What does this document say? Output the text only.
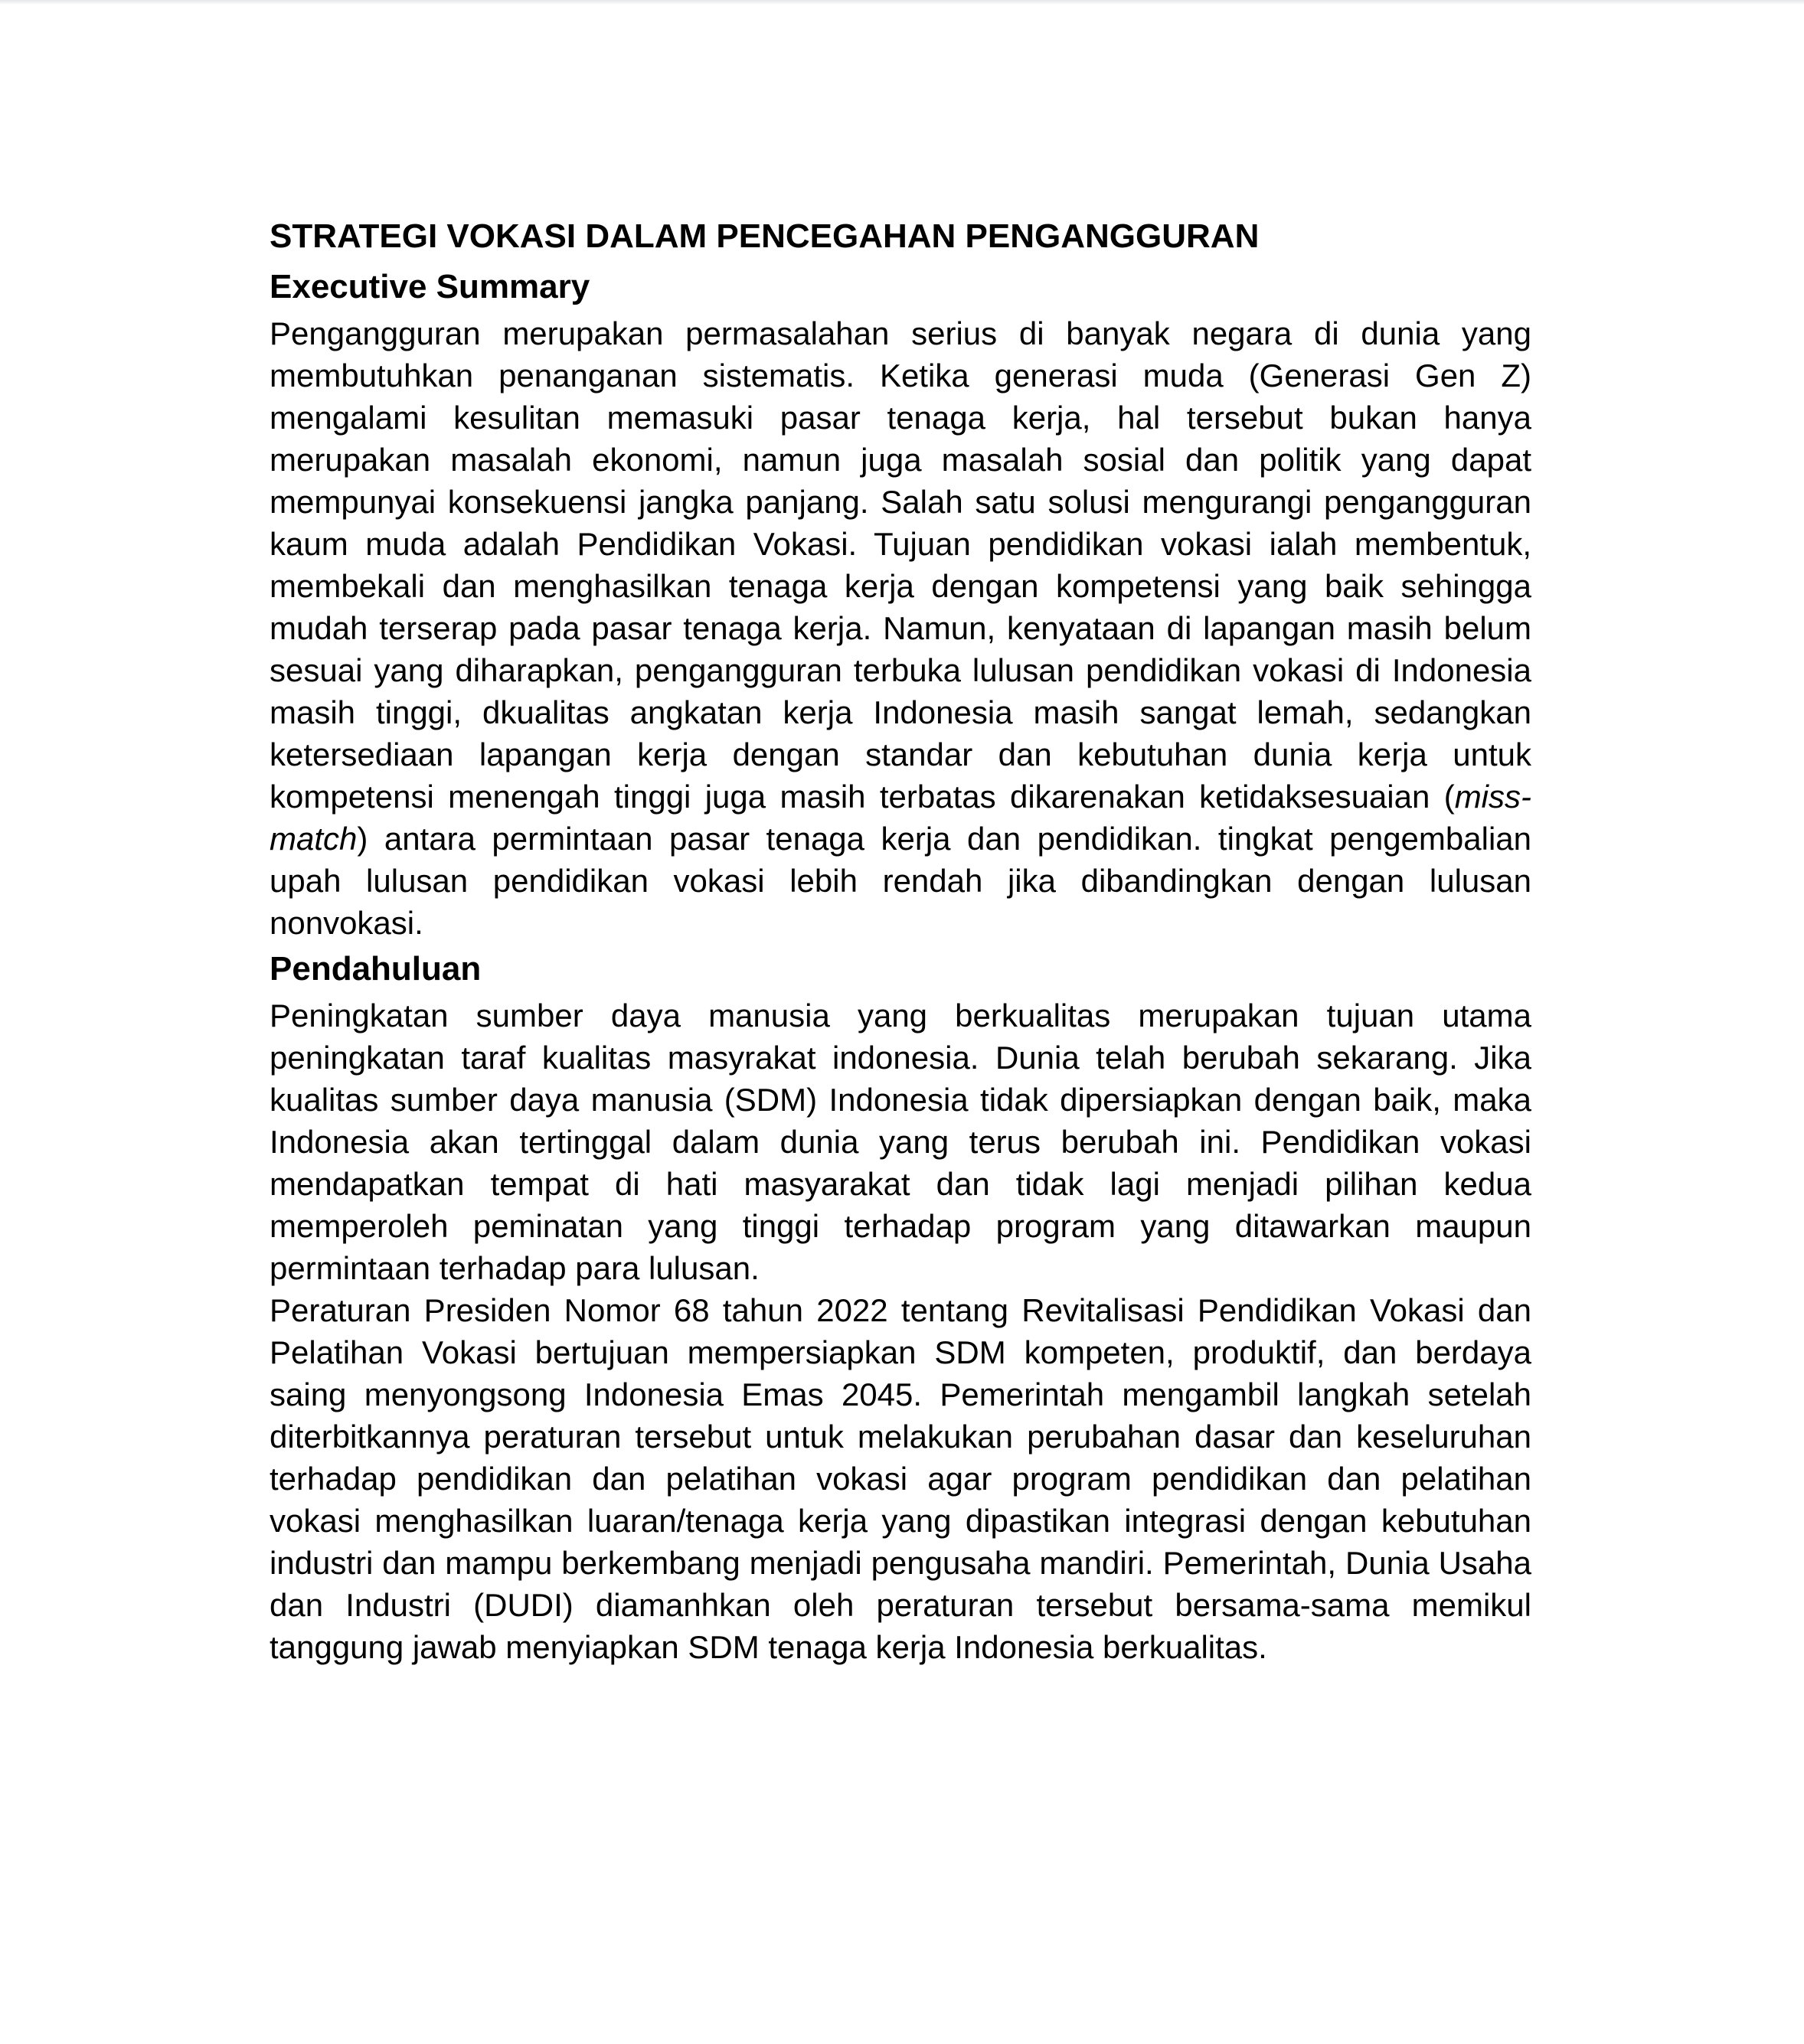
STRATEGI VOKASI DALAM PENCEGAHAN PENGANGGURAN
Executive Summary

Pengangguran merupakan permasalahan serius di banyak negara di dunia yang membutuhkan penanganan sistematis. Ketika generasi muda (Generasi Gen Z) mengalami kesulitan memasuki pasar tenaga kerja, hal tersebut bukan hanya merupakan masalah ekonomi, namun juga masalah sosial dan politik yang dapat mempunyai konsekuensi jangka panjang. Salah satu solusi mengurangi pengangguran kaum muda adalah Pendidikan Vokasi. Tujuan pendidikan vokasi ialah membentuk, membekali dan menghasilkan tenaga kerja dengan kompetensi yang baik sehingga mudah terserap pada pasar tenaga kerja. Namun, kenyataan di lapangan masih belum sesuai yang diharapkan, pengangguran terbuka lulusan pendidikan vokasi di Indonesia masih tinggi, dkualitas angkatan kerja Indonesia masih sangat lemah, sedangkan ketersediaan lapangan kerja dengan standar dan kebutuhan dunia kerja untuk kompetensi menengah tinggi juga masih terbatas dikarenakan ketidaksesuaian (miss- match) antara permintaan pasar tenaga kerja dan pendidikan. tingkat pengembalian upah lulusan pendidikan vokasi lebih rendah jika dibandingkan dengan lulusan nonvokasi.

Pendahuluan

Peningkatan sumber daya manusia yang berkualitas merupakan tujuan utama peningkatan taraf kualitas masyrakat indonesia. Dunia telah berubah sekarang. Jika kualitas sumber daya manusia (SDM) Indonesia tidak dipersiapkan dengan baik, maka Indonesia akan tertinggal dalam dunia yang terus berubah ini. Pendidikan vokasi mendapatkan tempat di hati masyarakat dan tidak lagi menjadi pilihan kedua memperoleh peminatan yang tinggi terhadap program yang ditawarkan maupun permintaan terhadap para lulusan.

Peraturan Presiden Nomor 68 tahun 2022 tentang Revitalisasi Pendidikan Vokasi dan Pelatihan Vokasi bertujuan mempersiapkan SDM kompeten, produktif, dan berdaya saing menyongsong Indonesia Emas 2045. Pemerintah mengambil langkah setelah diterbitkannya peraturan tersebut untuk melakukan perubahan dasar dan keseluruhan terhadap pendidikan dan pelatihan vokasi agar program pendidikan dan pelatihan vokasi menghasilkan luaran/tenaga kerja yang dipastikan integrasi dengan kebutuhan industri dan mampu berkembang menjadi pengusaha mandiri. Pemerintah, Dunia Usaha dan Industri (DUDI) diamanhkan oleh peraturan tersebut bersama-sama memikul tanggung jawab menyiapkan SDM tenaga kerja Indonesia berkualitas.
